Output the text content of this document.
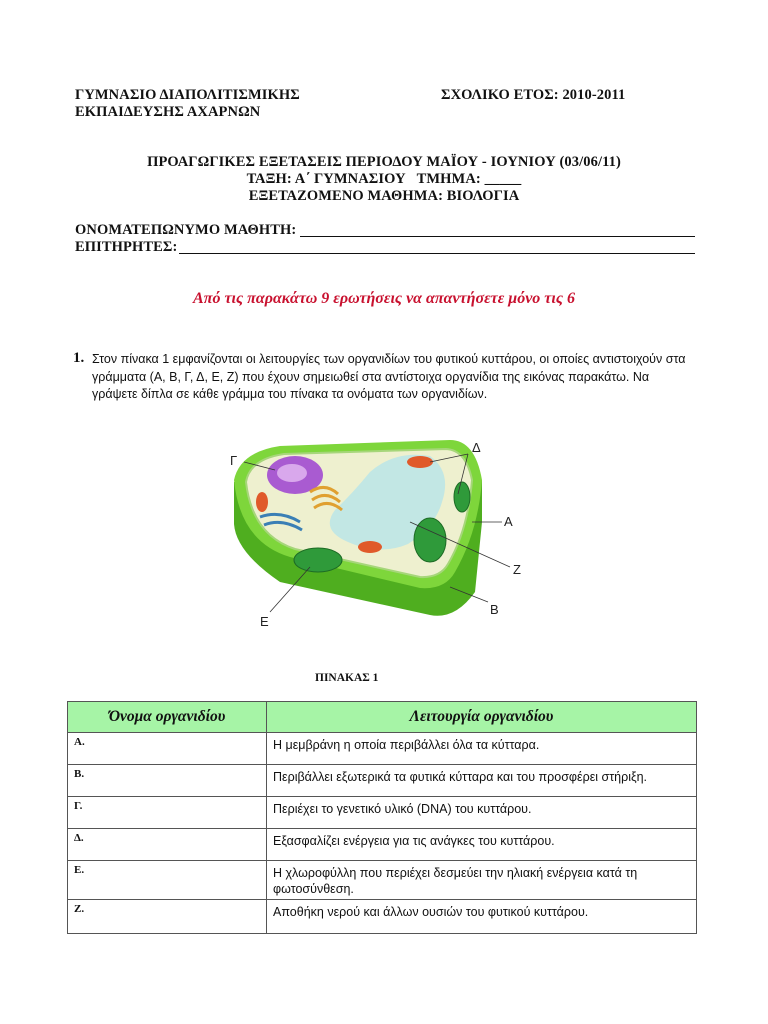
ΓΥΜΝΑΣΙΟ ΔΙΑΠΟΛΙΤΙΣΜΙΚΗΣ
ΕΚΠΑΙΔΕΥΣΗΣ ΑΧΑΡΝΩΝ
ΣΧΟΛΙΚΟ ΕΤΟΣ: 2010-2011
ΠΡΟΑΓΩΓΙΚΕΣ ΕΞΕΤΑΣΕΙΣ ΠΕΡΙΟΔΟΥ ΜΑΪΟΥ - ΙΟΥΝΙΟΥ (03/06/11)
ΤΑΞΗ: Α΄ ΓΥΜΝΑΣΙΟΥ   ΤΜΗΜΑ: _____
ΕΞΕΤΑΖΟΜΕΝΟ ΜΑΘΗΜΑ: ΒΙΟΛΟΓΙΑ
ΟΝΟΜΑΤΕΠΩΝΥΜΟ ΜΑΘΗΤΗ:
ΕΠΙΤΗΡΗΤΕΣ:
Από τις παρακάτω 9 ερωτήσεις να απαντήσετε μόνο τις 6
1. Στον πίνακα 1 εμφανίζονται οι λειτουργίες των οργανιδίων του φυτικού κυττάρου, οι οποίες αντιστοιχούν στα γράμματα (Α, Β, Γ, Δ, Ε, Ζ) που έχουν σημειωθεί στα αντίστοιχα οργανίδια της εικόνας παρακάτω. Να γράψετε δίπλα σε κάθε γράμμα του πίνακα τα ονόματα των οργανιδίων.
Γ
Δ
Α
Ζ
Β
Ε
ΠΙΝΑΚΑΣ 1
Όνομα οργανιδίου	Λειτουργία οργανιδίου
Α.	Η μεμβράνη η οποία περιβάλλει όλα τα κύτταρα.
Β.	Περιβάλλει εξωτερικά τα φυτικά κύτταρα και του προσφέρει στήριξη.
Γ.	Περιέχει το γενετικό υλικό (DNA) του κυττάρου.
Δ.	Εξασφαλίζει ενέργεια για τις ανάγκες του κυττάρου.
Ε.	Η χλωροφύλλη που περιέχει δεσμεύει την ηλιακή ενέργεια κατά τη φωτοσύνθεση.
Ζ.	Αποθήκη νερού και άλλων ουσιών του φυτικού κυττάρου.
